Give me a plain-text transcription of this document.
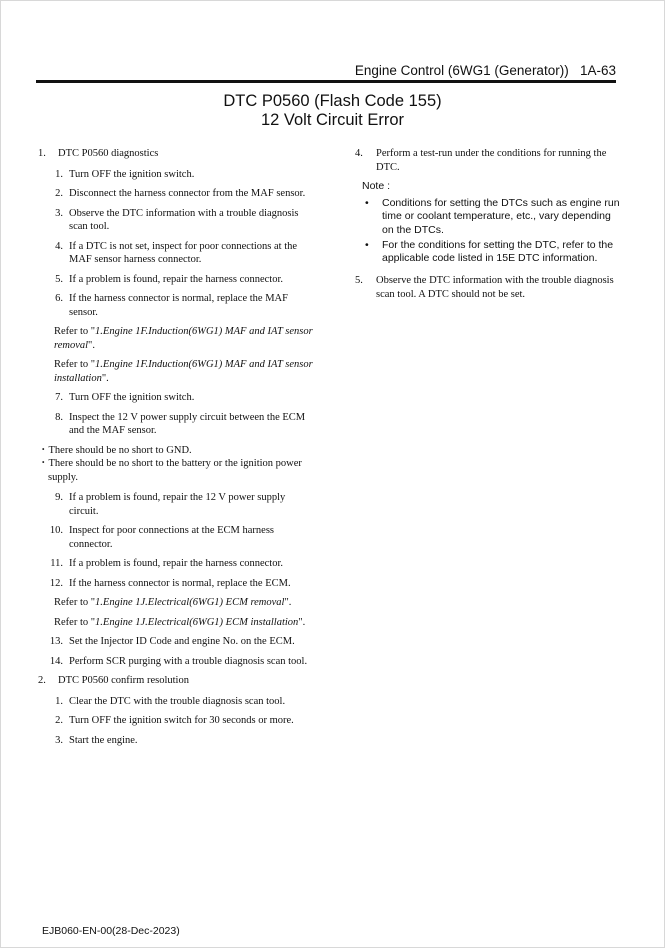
Engine Control (6WG1 (Generator)) 1A-63
DTC P0560 (Flash Code 155)
12 Volt Circuit Error
1. DTC P0560 diagnostics
1. Turn OFF the ignition switch.
2. Disconnect the harness connector from the MAF sensor.
3. Observe the DTC information with a trouble diagnosis scan tool.
4. If a DTC is not set, inspect for poor connections at the MAF sensor harness connector.
5. If a problem is found, repair the harness connector.
6. If the harness connector is normal, replace the MAF sensor.
Refer to "1.Engine 1F.Induction(6WG1) MAF and IAT sensor removal".
Refer to "1.Engine 1F.Induction(6WG1) MAF and IAT sensor installation".
7. Turn OFF the ignition switch.
8. Inspect the 12 V power supply circuit between the ECM and the MAF sensor.
・There should be no short to GND.
・There should be no short to the battery or the ignition power supply.
9. If a problem is found, repair the 12 V power supply circuit.
10. Inspect for poor connections at the ECM harness connector.
11. If a problem is found, repair the harness connector.
12. If the harness connector is normal, replace the ECM.
Refer to "1.Engine 1J.Electrical(6WG1) ECM removal".
Refer to "1.Engine 1J.Electrical(6WG1) ECM installation".
13. Set the Injector ID Code and engine No. on the ECM.
14. Perform SCR purging with a trouble diagnosis scan tool.
2. DTC P0560 confirm resolution
1. Clear the DTC with the trouble diagnosis scan tool.
2. Turn OFF the ignition switch for 30 seconds or more.
3. Start the engine.
4. Perform a test-run under the conditions for running the DTC.
Note :
• Conditions for setting the DTCs such as engine run time or coolant temperature, etc., vary depending on the DTCs.
• For the conditions for setting the DTC, refer to the applicable code listed in 15E DTC information.
5. Observe the DTC information with the trouble diagnosis scan tool. A DTC should not be set.
EJB060-EN-00(28-Dec-2023)
